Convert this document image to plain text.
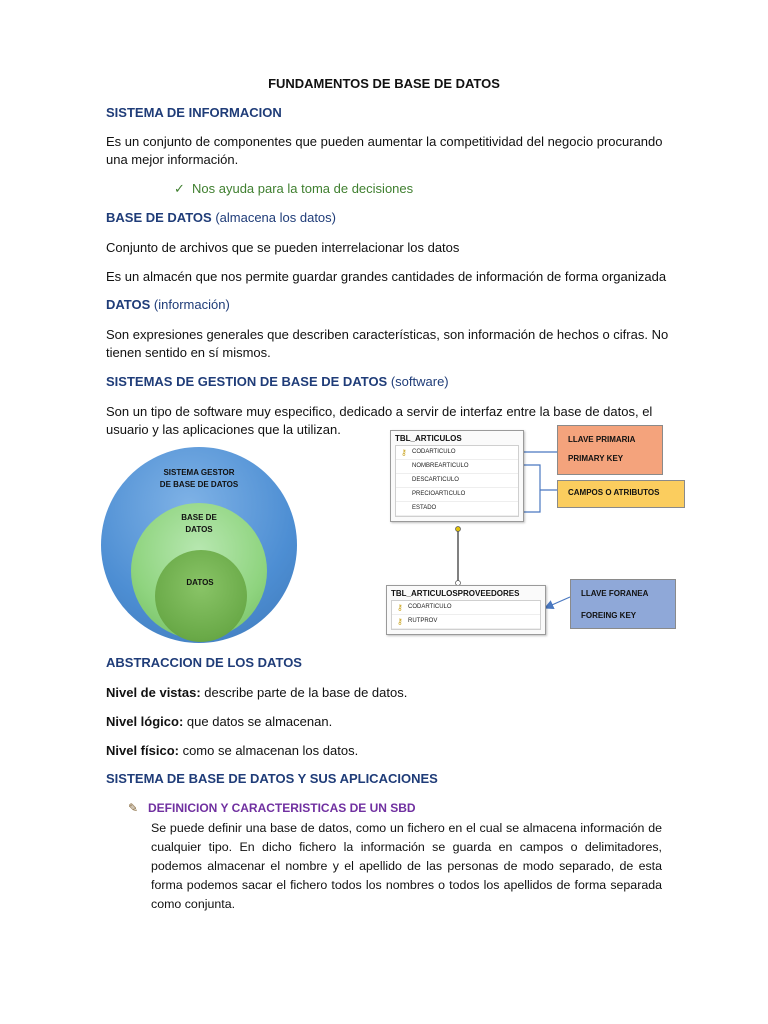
FUNDAMENTOS DE BASE DE DATOS
SISTEMA DE INFORMACION
Es un conjunto de componentes que pueden aumentar la competitividad del negocio procurando
una mejor información.
✓ Nos ayuda para la toma de decisiones
BASE DE DATOS (almacena los datos)
Conjunto de archivos que se pueden interrelacionar los datos
Es un almacén que nos permite guardar grandes cantidades de información de forma organizada
DATOS (información)
Son expresiones generales que describen características, son información de hechos o cifras. No
tienen sentido en sí mismos.
SISTEMAS DE GESTION DE BASE DE DATOS (software)
Son un tipo de software muy especifico, dedicado a servir de interfaz entre la base de datos, el
usuario y las aplicaciones que la utilizan.
SISTEMA GESTOR
DE BASE DE DATOS
BASE DE
DATOS
DATOS
TBL_ARTICULOS
⚷ CODARTICULO
NOMBREARTICULO
DESCARTICULO
PRECIOARTICULO
ESTADO
TBL_ARTICULOSPROVEEDORES
⚷ CODARTICULO
⚷ RUTPROV
LLAVE PRIMARIA
PRIMARY KEY
CAMPOS O ATRIBUTOS
LLAVE FORANEA
FOREING KEY
ABSTRACCION DE LOS DATOS
Nivel de vistas: describe parte de la base de datos.
Nivel lógico: que datos se almacenan.
Nivel físico: como se almacenan los datos.
SISTEMA DE BASE DE DATOS Y SUS APLICACIONES
✎ DEFINICION Y CARACTERISTICAS DE UN SBD
Se puede definir una base de datos, como un fichero en el cual se almacena información de
cualquier tipo. En dicho fichero la información se guarda en campos o delimitadores,
podemos almacenar el nombre y el apellido de las personas de modo separado, de esta
forma podemos sacar el fichero todos los nombres o todos los apellidos de forma separada
como conjunta.
